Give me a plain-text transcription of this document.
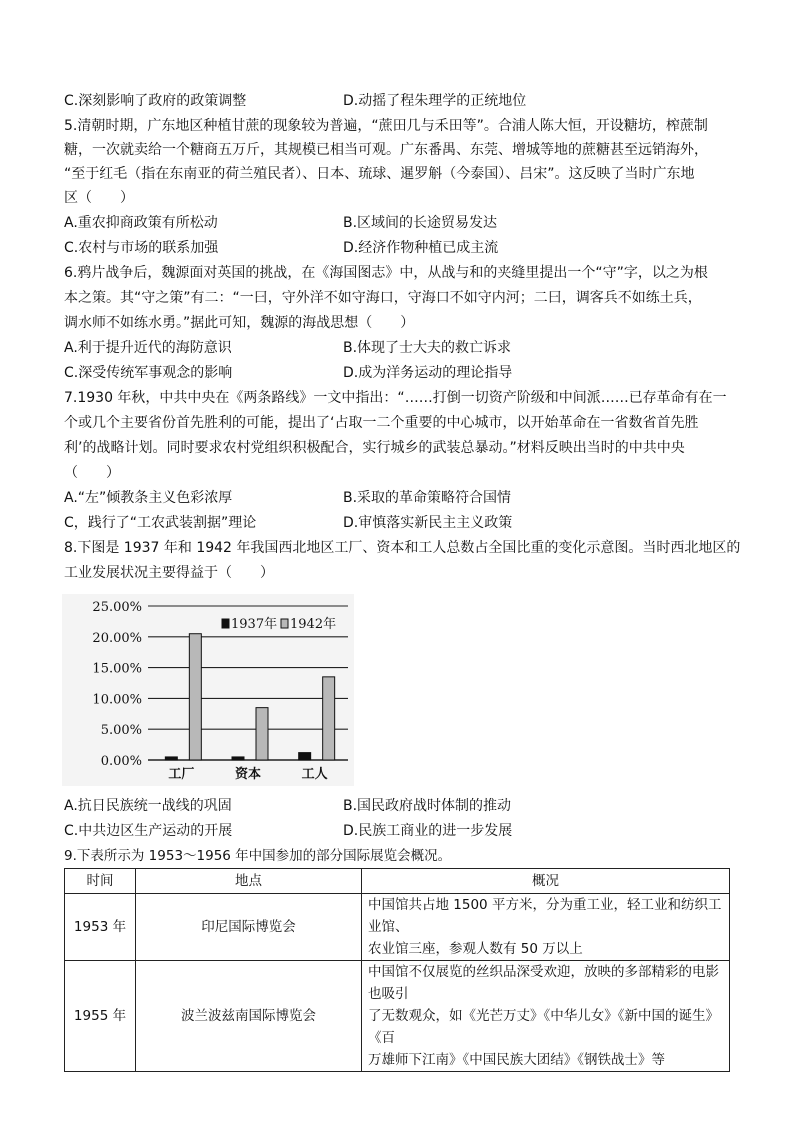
C.深刻影响了政府的政策调整	D.动摇了程朱理学的正统地位
5.清朝时期，广东地区种植甘蔗的现象较为普遍，“蔗田几与禾田等”。合浦人陈大恒，开设糖坊，榨蔗制
糖，一次就卖给一个糖商五万斤，其规模已相当可观。广东番禺、东莞、增城等地的蔗糖甚至远销海外，
“至于红毛（指在东南亚的荷兰殖民者）、日本、琉球、暹罗斛（今泰国）、吕宋”。这反映了当时广东地
区（　　）
A.重农抑商政策有所松动	B.区域间的长途贸易发达
C.农村与市场的联系加强	D.经济作物种植已成主流
6.鸦片战争后，魏源面对英国的挑战，在《海国图志》中，从战与和的夹缝里提出一个“守”字，以之为根
本之策。其“守之策”有二：“一曰，守外洋不如守海口，守海口不如守内河；二曰，调客兵不如练土兵，
调水师不如练水勇。”据此可知，魏源的海战思想（　　）
A.利于提升近代的海防意识	B.体现了士大夫的救亡诉求
C.深受传统军事观念的影响	D.成为洋务运动的理论指导
7.1930 年秋，中共中央在《两条路线》一文中指出：“……打倒一切资产阶级和中间派……已存革命有在一
个或几个主要省份首先胜利的可能，提出了‘占取一二个重要的中心城市，以开始革命在一省数省首先胜
利’的战略计划。同时要求农村党组织积极配合，实行城乡的武装总暴动。”材料反映出当时的中共中央
（　　）
A.“左”倾教条主义色彩浓厚	B.采取的革命策略符合国情
C，践行了“工农武装割据”理论	D.审慎落实新民主主义政策
8.下图是 1937 年和 1942 年我国西北地区工厂、资本和工人总数占全国比重的变化示意图。当时西北地区的
工业发展状况主要得益于（　　）
0.00%
5.00%
10.00%
15.00%
20.00%
25.00%
工厂	资本	工人
1937年 1942年
A.抗日民族统一战线的巩固	B.国民政府战时体制的推动
C.中共边区生产运动的开展	D.民族工商业的进一步发展
9.下表所示为 1953～1956 年中国参加的部分国际展览会概况。
时间	地点	概况
1953 年	印尼国际博览会	中国馆共占地 1500 平方米，分为重工业，轻工业和纺织工业馆、
农业馆三座，参观人数有 50 万以上

1955 年	波兰波兹南国际博览会	中国馆不仅展览的丝织品深受欢迎，放映的多部精彩的电影也吸引
了无数观众，如《光芒万丈》《中华儿女》《新中国的诞生》《百
万雄师下江南》《中国民族大团结》《钢铁战士》等
